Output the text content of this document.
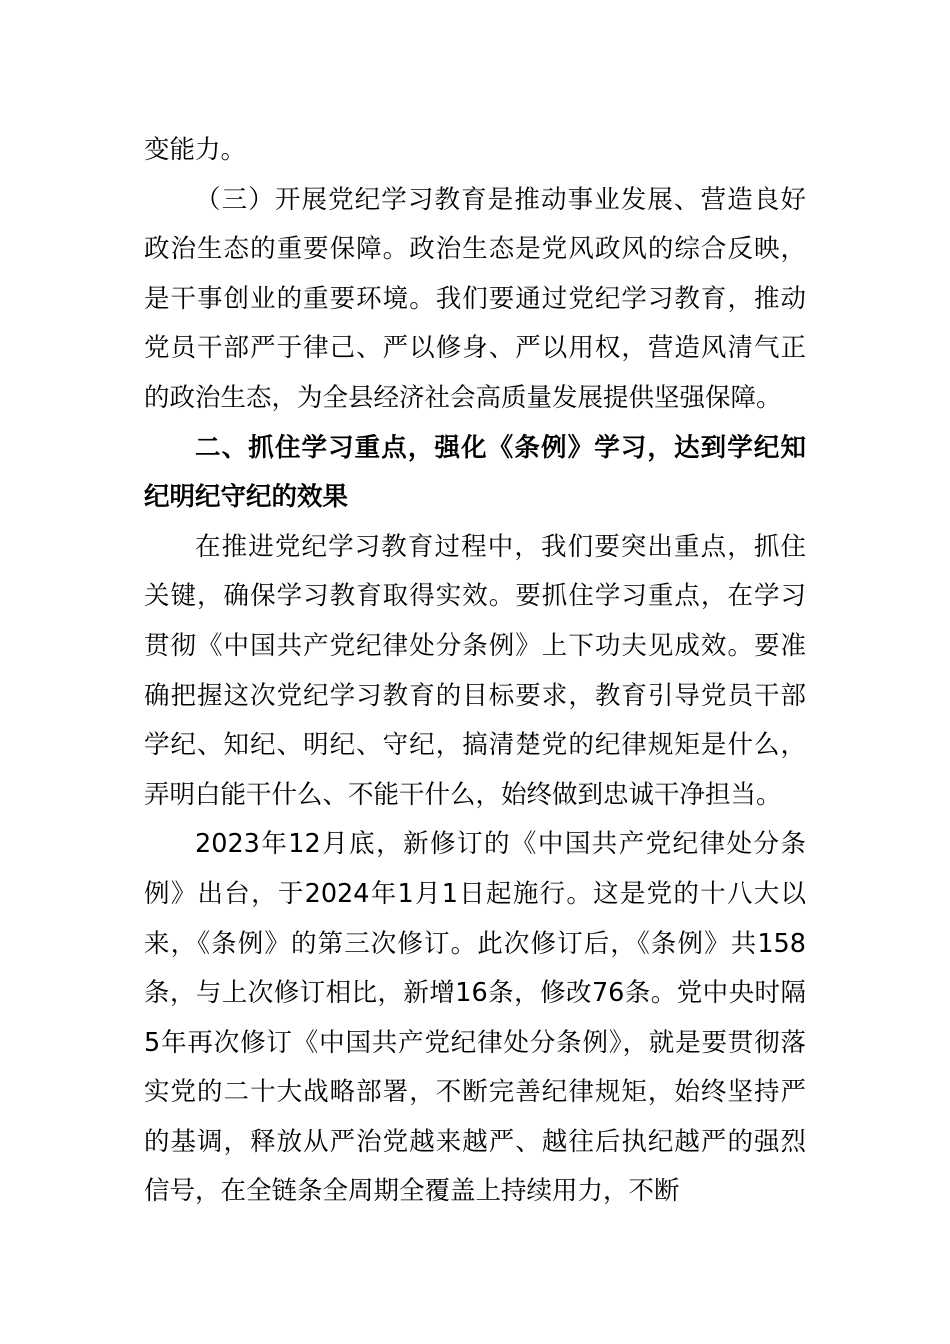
变能力。

（三）开展党纪学习教育是推动事业发展、营造良好政治生态的重要保障。政治生态是党风政风的综合反映，是干事创业的重要环境。我们要通过党纪学习教育，推动党员干部严于律己、严以修身、严以用权，营造风清气正的政治生态，为全县经济社会高质量发展提供坚强保障。

二、抓住学习重点，强化《条例》学习，达到学纪知纪明纪守纪的效果

在推进党纪学习教育过程中，我们要突出重点，抓住关键，确保学习教育取得实效。要抓住学习重点，在学习贯彻《中国共产党纪律处分条例》上下功夫见成效。要准确把握这次党纪学习教育的目标要求，教育引导党员干部学纪、知纪、明纪、守纪，搞清楚党的纪律规矩是什么，弄明白能干什么、不能干什么，始终做到忠诚干净担当。

2023年12月底，新修订的《中国共产党纪律处分条例》出台，于2024年1月1日起施行。这是党的十八大以来，《条例》的第三次修订。此次修订后，《条例》共158条，与上次修订相比，新增16条，修改76条。党中央时隔5年再次修订《中国共产党纪律处分条例》，就是要贯彻落实党的二十大战略部署，不断完善纪律规矩，始终坚持严的基调，释放从严治党越来越严、越往后执纪越严的强烈信号，在全链条全周期全覆盖上持续用力，不断
